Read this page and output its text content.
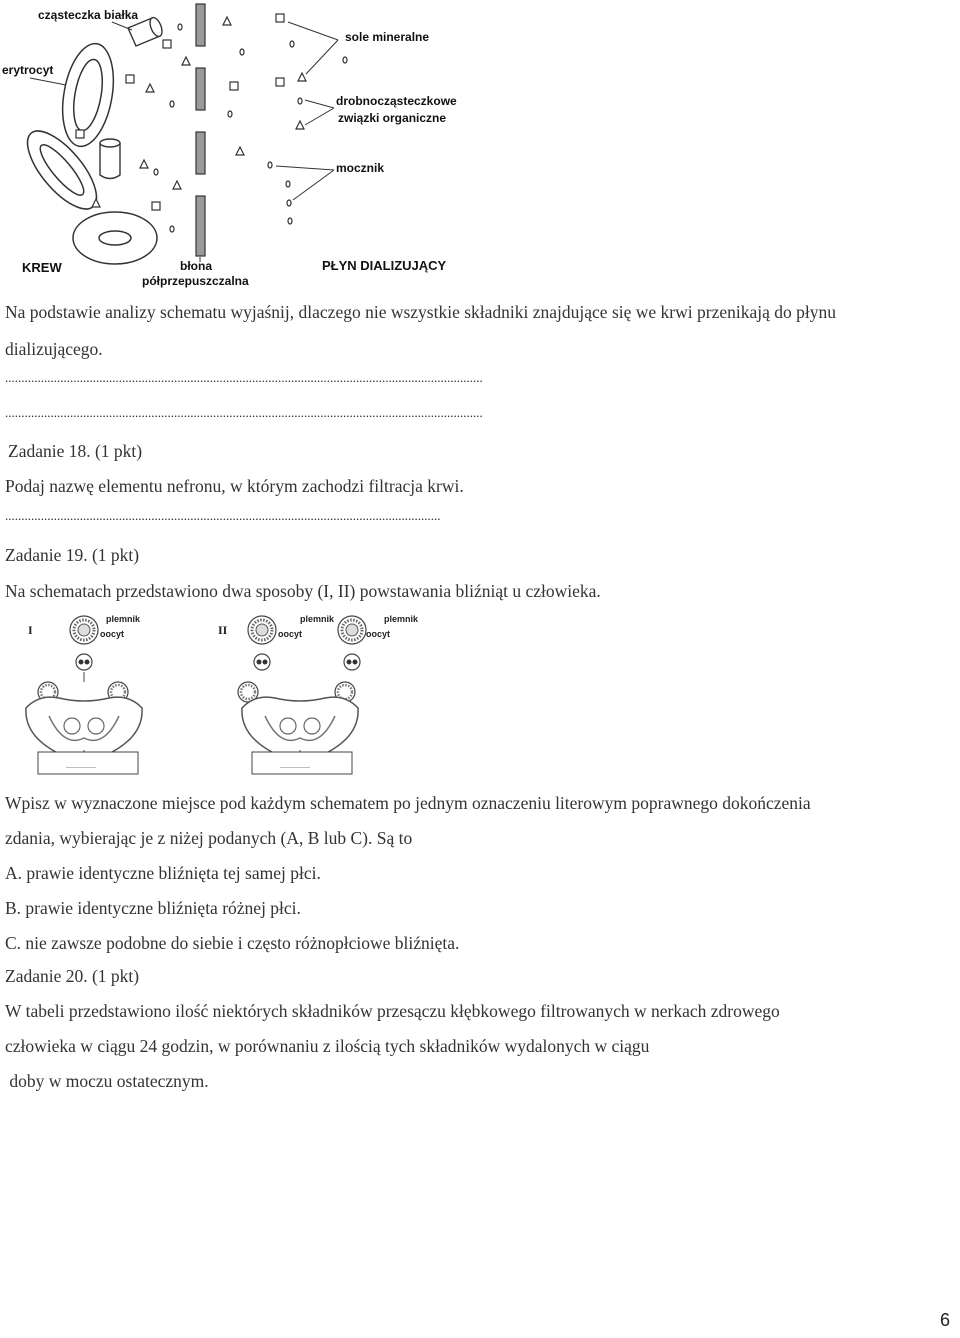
cząsteczka białka
erytrocyt
sole mineralne
drobnocząsteczkowe
związki organiczne
mocznik
KREW	błona
półprzepuszczalna
PŁYN DIALIZUJĄCY
Na podstawie analizy schematu wyjaśnij, dlaczego nie wszystkie składniki znajdujące się we krwi przenikają do płynu
dializującego.
...................................................................................................................................................
...................................................................................................................................................
Zadanie 18. (1 pkt)
Podaj nazwę elementu nefronu, w którym zachodzi filtracja krwi.
......................................................................................................................................
Zadanie 19. (1 pkt)
Na schematach przedstawiono dwa sposoby (I, II) powstawania bliźniąt u człowieka.
I
plemnik
oocyt
...............
II
plemnik
oocyt
plemnik
oocyt
...............
Wpisz w wyznaczone miejsce pod każdym schematem po jednym oznaczeniu literowym poprawnego dokończenia
zdania, wybierając je z niżej podanych (A, B lub C). Są to
A. prawie identyczne bliźnięta tej samej płci.
B. prawie identyczne bliźnięta różnej płci.
C. nie zawsze podobne do siebie i często różnopłciowe bliźnięta.
Zadanie 20. (1 pkt)
W tabeli przedstawiono ilość niektórych składników przesączu kłębkowego filtrowanych w nerkach zdrowego
człowieka w ciągu 24 godzin, w porównaniu z ilością tych składników wydalonych w ciągu
doby w moczu ostatecznym.
6
